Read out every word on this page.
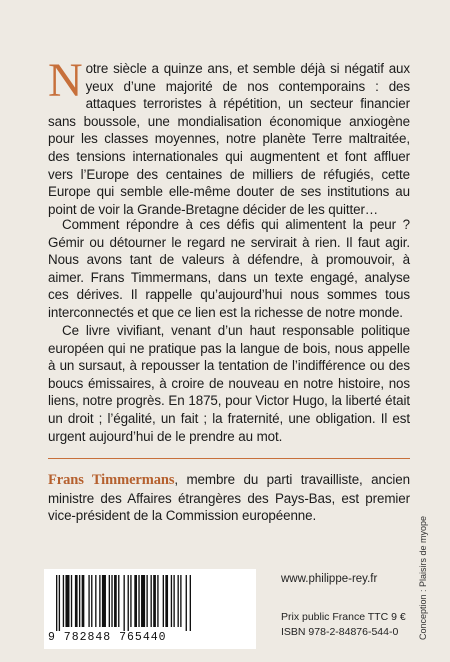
Notre siècle a quinze ans, et semble déjà si négatif aux yeux d’une majorité de nos contemporains : des attaques terroristes à répétition, un secteur financier sans boussole, une mondialisation économique anxiogène pour les classes moyennes, notre planète Terre maltraitée, des tensions internationales qui augmentent et font affluer vers l’Europe des centaines de milliers de réfugiés, cette Europe qui semble elle-même douter de ses institutions au point de voir la Grande-Bretagne décider de les quitter…

Comment répondre à ces défis qui alimentent la peur ? Gémir ou détourner le regard ne servirait à rien. Il faut agir. Nous avons tant de valeurs à défendre, à promouvoir, à aimer. Frans Timmermans, dans un texte engagé, analyse ces dérives. Il rappelle qu’aujourd’hui nous sommes tous interconnectés et que ce lien est la richesse de notre monde.

Ce livre vivifiant, venant d’un haut responsable politique européen qui ne pratique pas la langue de bois, nous appelle à un sursaut, à repousser la tentation de l’indifférence ou des boucs émissaires, à croire de nouveau en notre histoire, nos liens, notre progrès. En 1875, pour Victor Hugo, la liberté était un droit ; l’égalité, un fait ; la fraternité, une obligation. Il est urgent aujourd’hui de le prendre au mot.

Frans Timmermans, membre du parti travailliste, ancien ministre des Affaires étrangères des Pays-Bas, est premier vice-président de la Commission européenne.

9 782848 765440
www.philippe-rey.fr
Prix public France TTC 9 €
ISBN 978-2-84876-544-0 Conception : Plaisirs de myope
